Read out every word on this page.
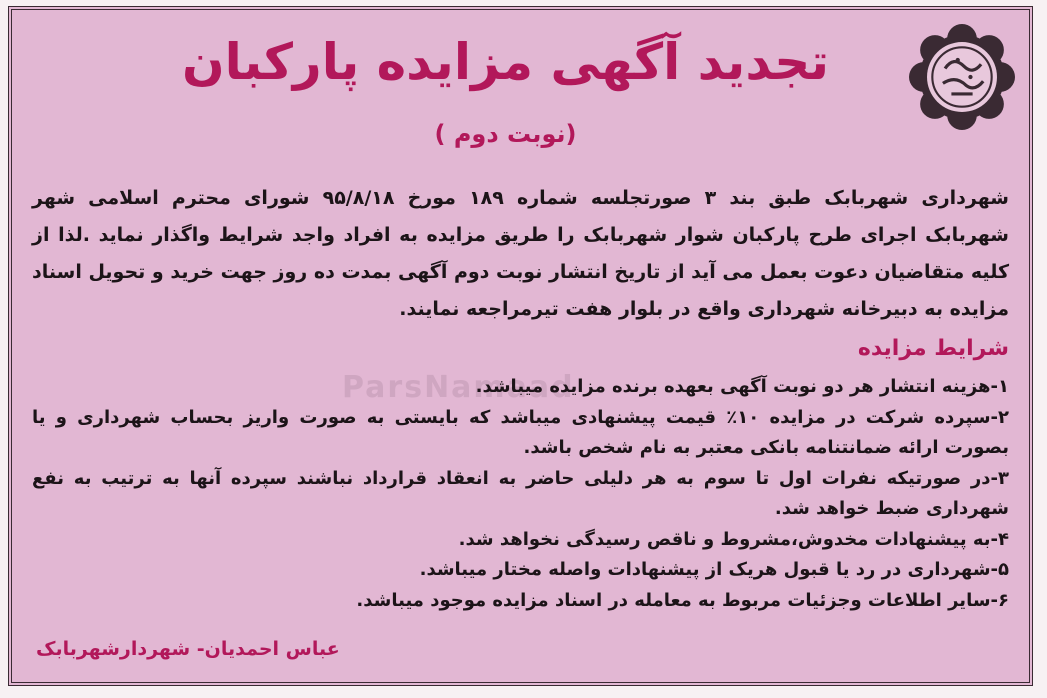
ParsNamaad
تجدید آگهی مزایده پارکبان
(نوبت دوم )

شهرداری شهربابک طبق بند ۳ صورتجلسه شماره ۱۸۹ مورخ ۹۵/۸/۱۸ شورای محترم اسلامی شهر شهربابک اجرای طرح پارکبان شوار شهربابک را طریق مزایده به افراد واجد شرایط واگذار نماید .لذا از کلیه متقاضیان دعوت بعمل می آید از تاریخ انتشار نوبت دوم آگهی بمدت ده روز جهت خرید و تحویل اسناد مزایده به دبیرخانه شهرداری واقع در بلوار هفت تیرمراجعه نمایند.

شرایط مزایده
۱-هزینه انتشار هر دو نوبت آگهی بعهده برنده مزایده میباشد.
۲-سپرده شرکت در مزایده ۱۰٪ قیمت پیشنهادی میباشد که بایستی به صورت واریز بحساب شهرداری و یا بصورت ارائه ضمانتنامه بانکی معتبر به نام شخص باشد.
۳-در صورتیکه نفرات اول تا سوم به هر دلیلی حاضر به انعقاد قرارداد نباشند سپرده آنها به ترتیب به نفع شهرداری ضبط خواهد شد.
۴-به پیشنهادات مخدوش،مشروط و ناقص رسیدگی نخواهد شد.
۵-شهرداری در رد یا قبول هریک از پیشنهادات واصله مختار میباشد.
۶-سایر اطلاعات وجزئیات مربوط به معامله در اسناد مزایده موجود میباشد.
عباس احمدیان- شهردارشهربابک
